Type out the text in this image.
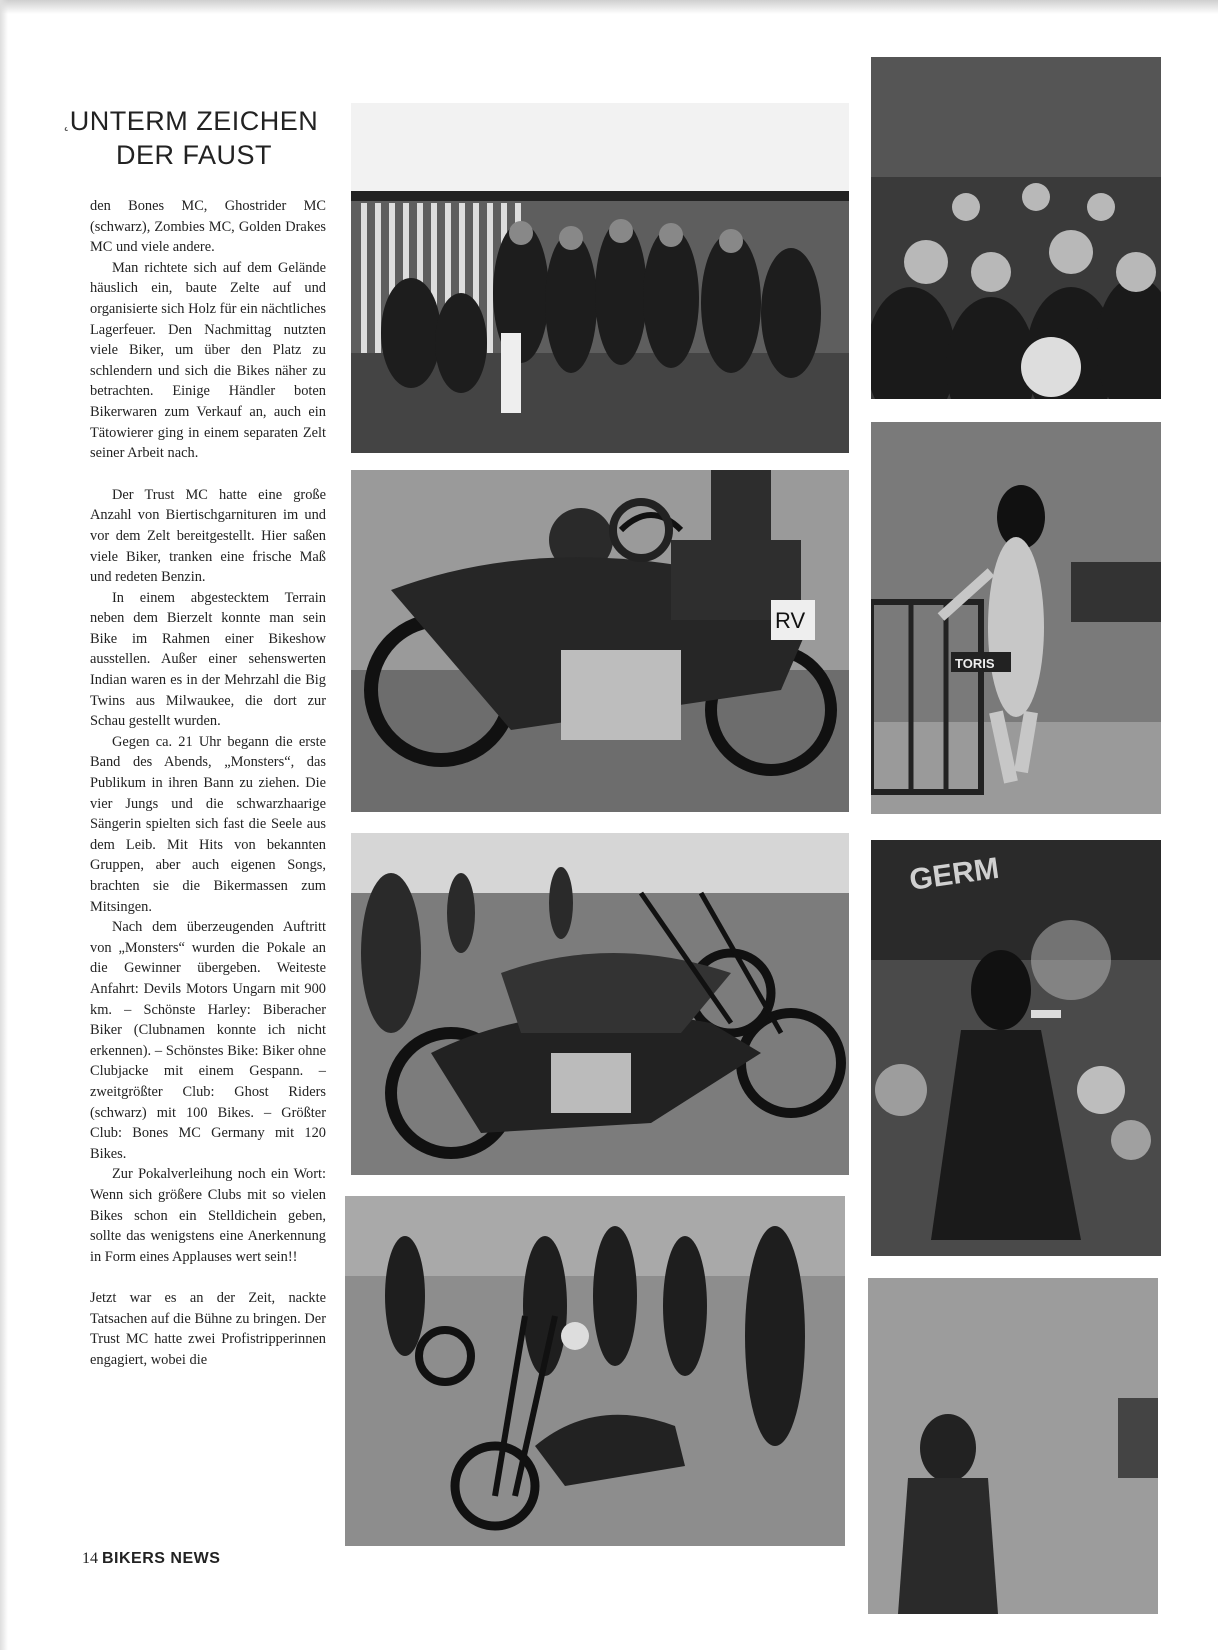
˛ UNTERM ZEICHEN
DER FAUST

den Bones MC, Ghostrider MC (schwarz), Zombies MC, Golden Drakes MC und viele andere.

Man richtete sich auf dem Gelände häuslich ein, baute Zelte auf und organisierte sich Holz für ein nächtliches Lagerfeuer. Den Nachmittag nutzten viele Biker, um über den Platz zu schlendern und sich die Bikes näher zu betrachten. Einige Händler boten Bikerwaren zum Verkauf an, auch ein Tätowierer ging in einem separaten Zelt seiner Arbeit nach.

Der Trust MC hatte eine große Anzahl von Biertischgarnituren im und vor dem Zelt bereitgestellt. Hier saßen viele Biker, tranken eine frische Maß und redeten Benzin.

In einem abgestecktem Terrain neben dem Bierzelt konnte man sein Bike im Rahmen einer Bikeshow ausstellen. Außer einer sehenswerten Indian waren es in der Mehrzahl die Big Twins aus Milwaukee, die dort zur Schau gestellt wurden.

Gegen ca. 21 Uhr begann die erste Band des Abends, „Monsters“, das Publikum in ihren Bann zu ziehen. Die vier Jungs und die schwarzhaarige Sängerin spielten sich fast die Seele aus dem Leib. Mit Hits von bekannten Gruppen, aber auch eigenen Songs, brachten sie die Bikermassen zum Mitsingen.

Nach dem überzeugenden Auftritt von „Monsters“ wurden die Pokale an die Gewinner übergeben. Weiteste Anfahrt: Devils Motors Ungarn mit 900 km. – Schönste Harley: Biberacher Biker (Clubnamen konnte ich nicht erkennen). – Schönstes Bike: Biker ohne Clubjacke mit einem Gespann. – zweitgrößter Club: Ghost Riders (schwarz) mit 100 Bikes. – Größter Club: Bones MC Germany mit 120 Bikes.

Zur Pokalverleihung noch ein Wort: Wenn sich größere Clubs mit so vielen Bikes schon ein Stelldichein geben, sollte das wenigstens eine Anerkennung in Form eines Applauses wert sein!!

Jetzt war es an der Zeit, nackte Tatsachen auf die Bühne zu bringen. Der Trust MC hatte zwei Profistripperinnen engagiert, wobei die

14 BIKERS NEWS
RV
TORIS
GERM
